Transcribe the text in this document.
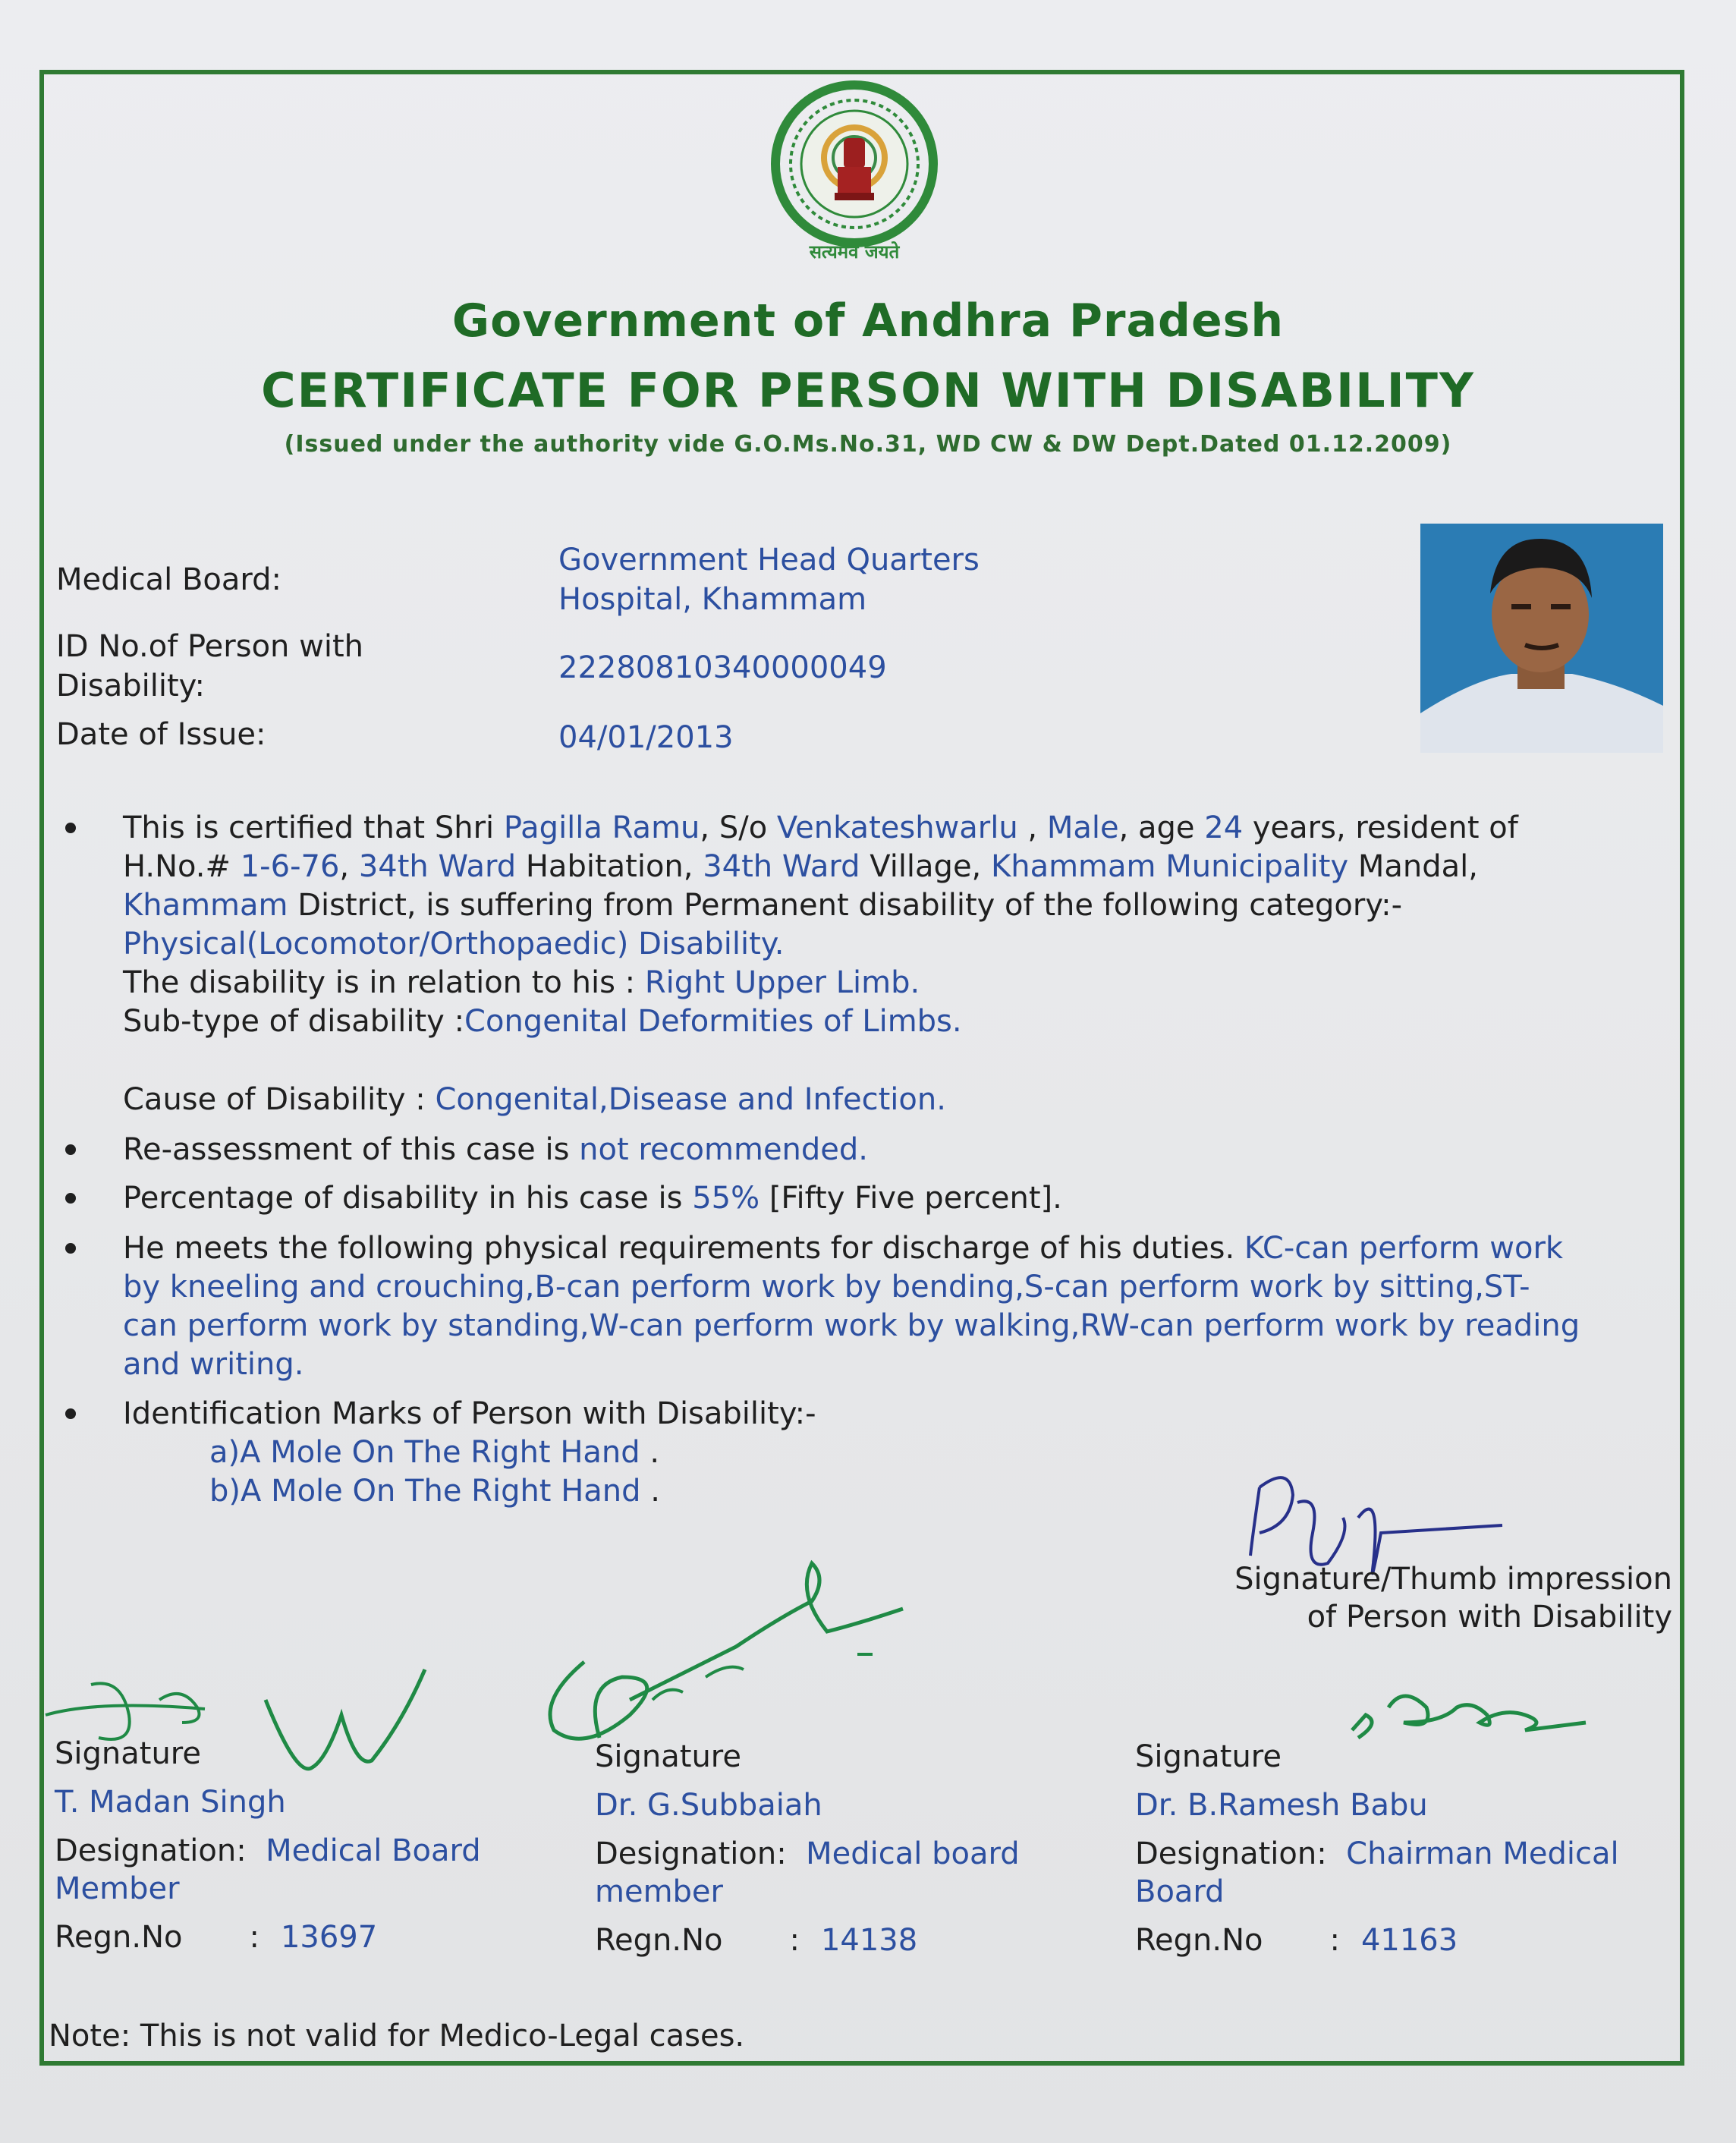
सत्यमेव जयते
Government of Andhra Pradesh
CERTIFICATE FOR PERSON WITH DISABILITY
(Issued under the authority vide G.O.Ms.No.31, WD CW & DW Dept.Dated 01.12.2009)
Medical Board:
Government Head Quarters
Hospital, Khammam
ID No.of Person with
Disability:
22280810340000049
Date of Issue:	04/01/2013
This is certified that Shri Pagilla Ramu, S/o Venkateshwarlu , Male, age 24 years, resident of
H.No.# 1-6-76, 34th Ward Habitation, 34th Ward Village, Khammam Municipality Mandal,
Khammam District, is suffering from Permanent disability of the following category:-
Physical(Locomotor/Orthopaedic) Disability.
The disability is in relation to his : Right Upper Limb.
Sub-type of disability :Congenital Deformities of Limbs.
Cause of Disability : Congenital,Disease and Infection.
Re-assessment of this case is not recommended.
Percentage of disability in his case is 55% [Fifty Five percent].
He meets the following physical requirements for discharge of his duties. KC-can perform work
by kneeling and crouching,B-can perform work by bending,S-can perform work by sitting,ST-
can perform work by standing,W-can perform work by walking,RW-can perform work by reading
and writing.
Identification Marks of Person with Disability:-
a)A Mole On The Right Hand .
b)A Mole On The Right Hand .
Signature/Thumb impression
of Person with Disability
Signature
T. Madan Singh
Designation: Medical Board
Member
Regn.No : 13697
Signature
Dr. G.Subbaiah
Designation: Medical board
member
Regn.No : 14138
Signature
Dr. B.Ramesh Babu
Designation: Chairman Medical
Board
Regn.No : 41163
Note: This is not valid for Medico-Legal cases.
